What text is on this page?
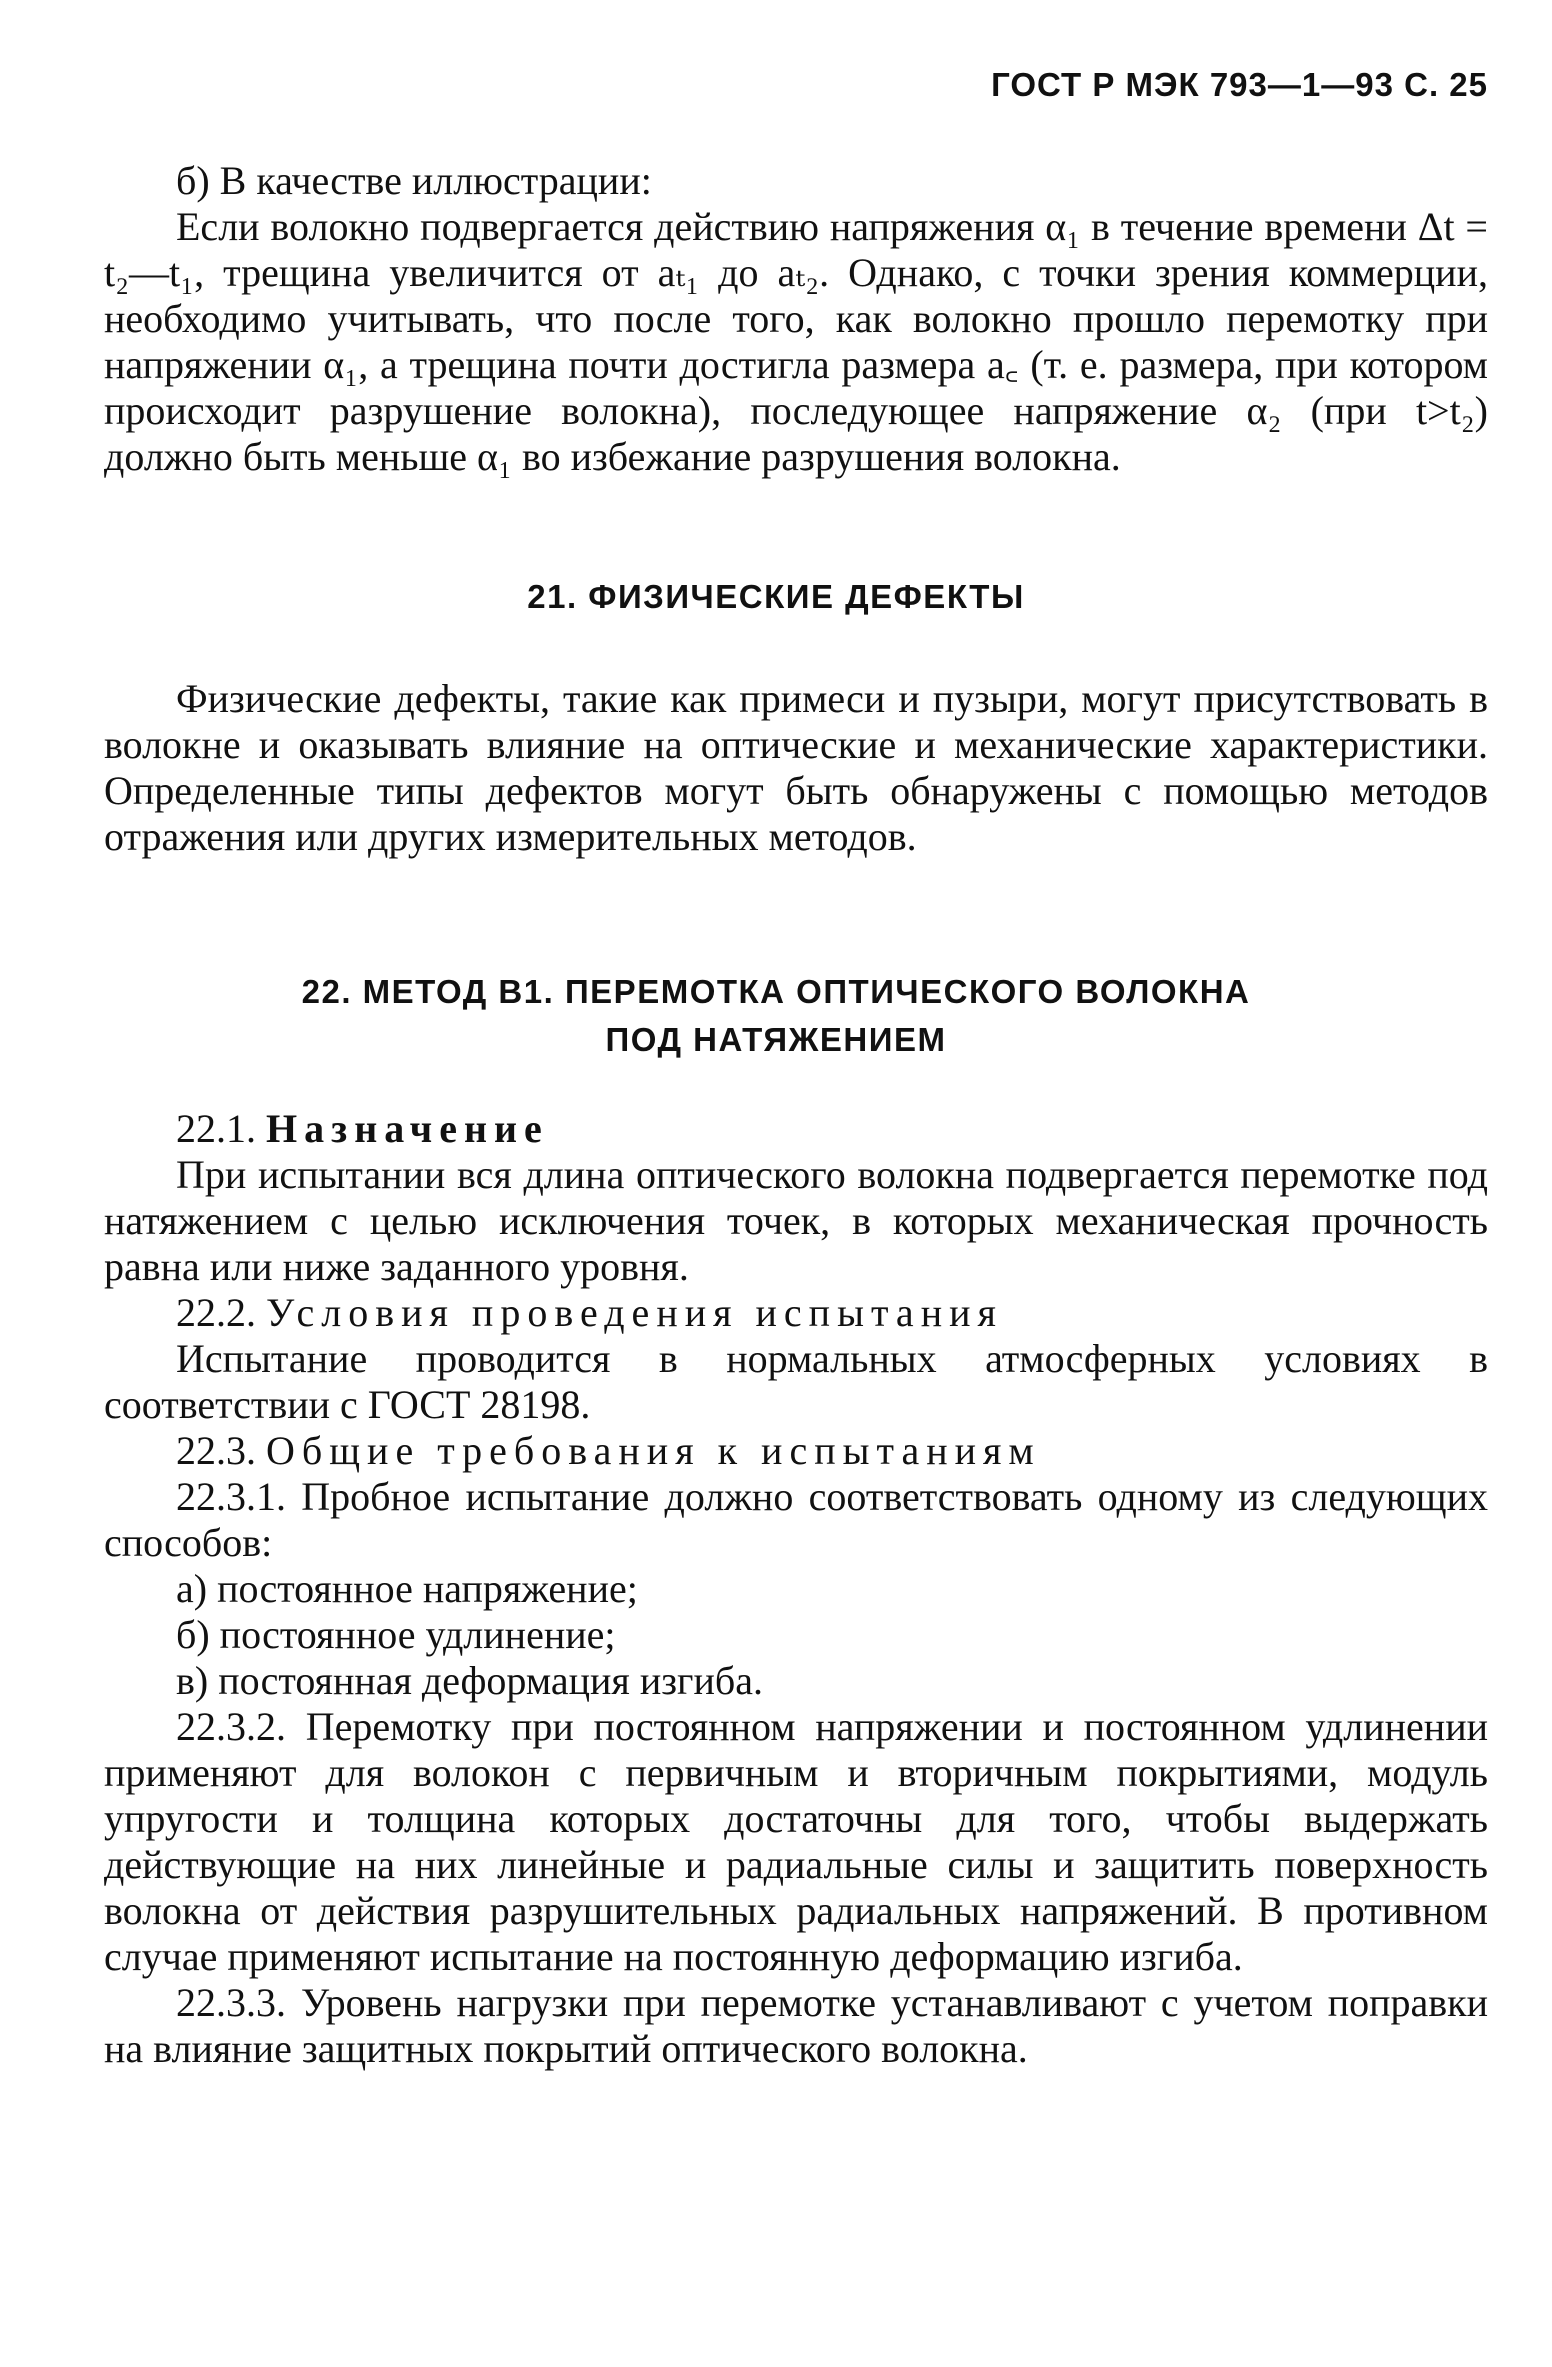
ГОСТ Р МЭК 793—1—93 С. 25

б) В качестве иллюстрации:

Если волокно подвергается действию напряжения α₁ в течение времени Δt = t₂—t₁, трещина увеличится от aₜ₁ до aₜ₂. Однако, с точки зрения коммерции, необходимо учитывать, что после того, как волокно прошло перемотку при напряжении α₁, а трещина почти достигла размера a꜀ (т. е. размера, при котором происходит разрушение волокна), последующее напряжение α₂ (при t>t₂) должно быть меньше α₁ во избежание разрушения волокна.

21. ФИЗИЧЕСКИЕ ДЕФЕКТЫ

Физические дефекты, такие как примеси и пузыри, могут присутствовать в волокне и оказывать влияние на оптические и механические характеристики. Определенные типы дефектов могут быть обнаружены с помощью методов отражения или других измерительных методов.

22. МЕТОД В1. ПЕРЕМОТКА ОПТИЧЕСКОГО ВОЛОКНА
ПОД НАТЯЖЕНИЕМ

22.1. Назначение

При испытании вся длина оптического волокна подвергается перемотке под натяжением с целью исключения точек, в которых механическая прочность равна или ниже заданного уровня.

22.2. Условия проведения испытания

Испытание проводится в нормальных атмосферных условиях в соответствии с ГОСТ 28198.

22.3. Общие требования к испытаниям

22.3.1. Пробное испытание должно соответствовать одному из следующих способов:

а) постоянное напряжение;

б) постоянное удлинение;

в) постоянная деформация изгиба.

22.3.2. Перемотку при постоянном напряжении и постоянном удлинении применяют для волокон с первичным и вторичным покрытиями, модуль упругости и толщина которых достаточны для того, чтобы выдержать действующие на них линейные и радиальные силы и защитить поверхность волокна от действия разрушительных радиальных напряжений. В противном случае применяют испытание на постоянную деформацию изгиба.

22.3.3. Уровень нагрузки при перемотке устанавливают с учетом поправки на влияние защитных покрытий оптического волокна.
